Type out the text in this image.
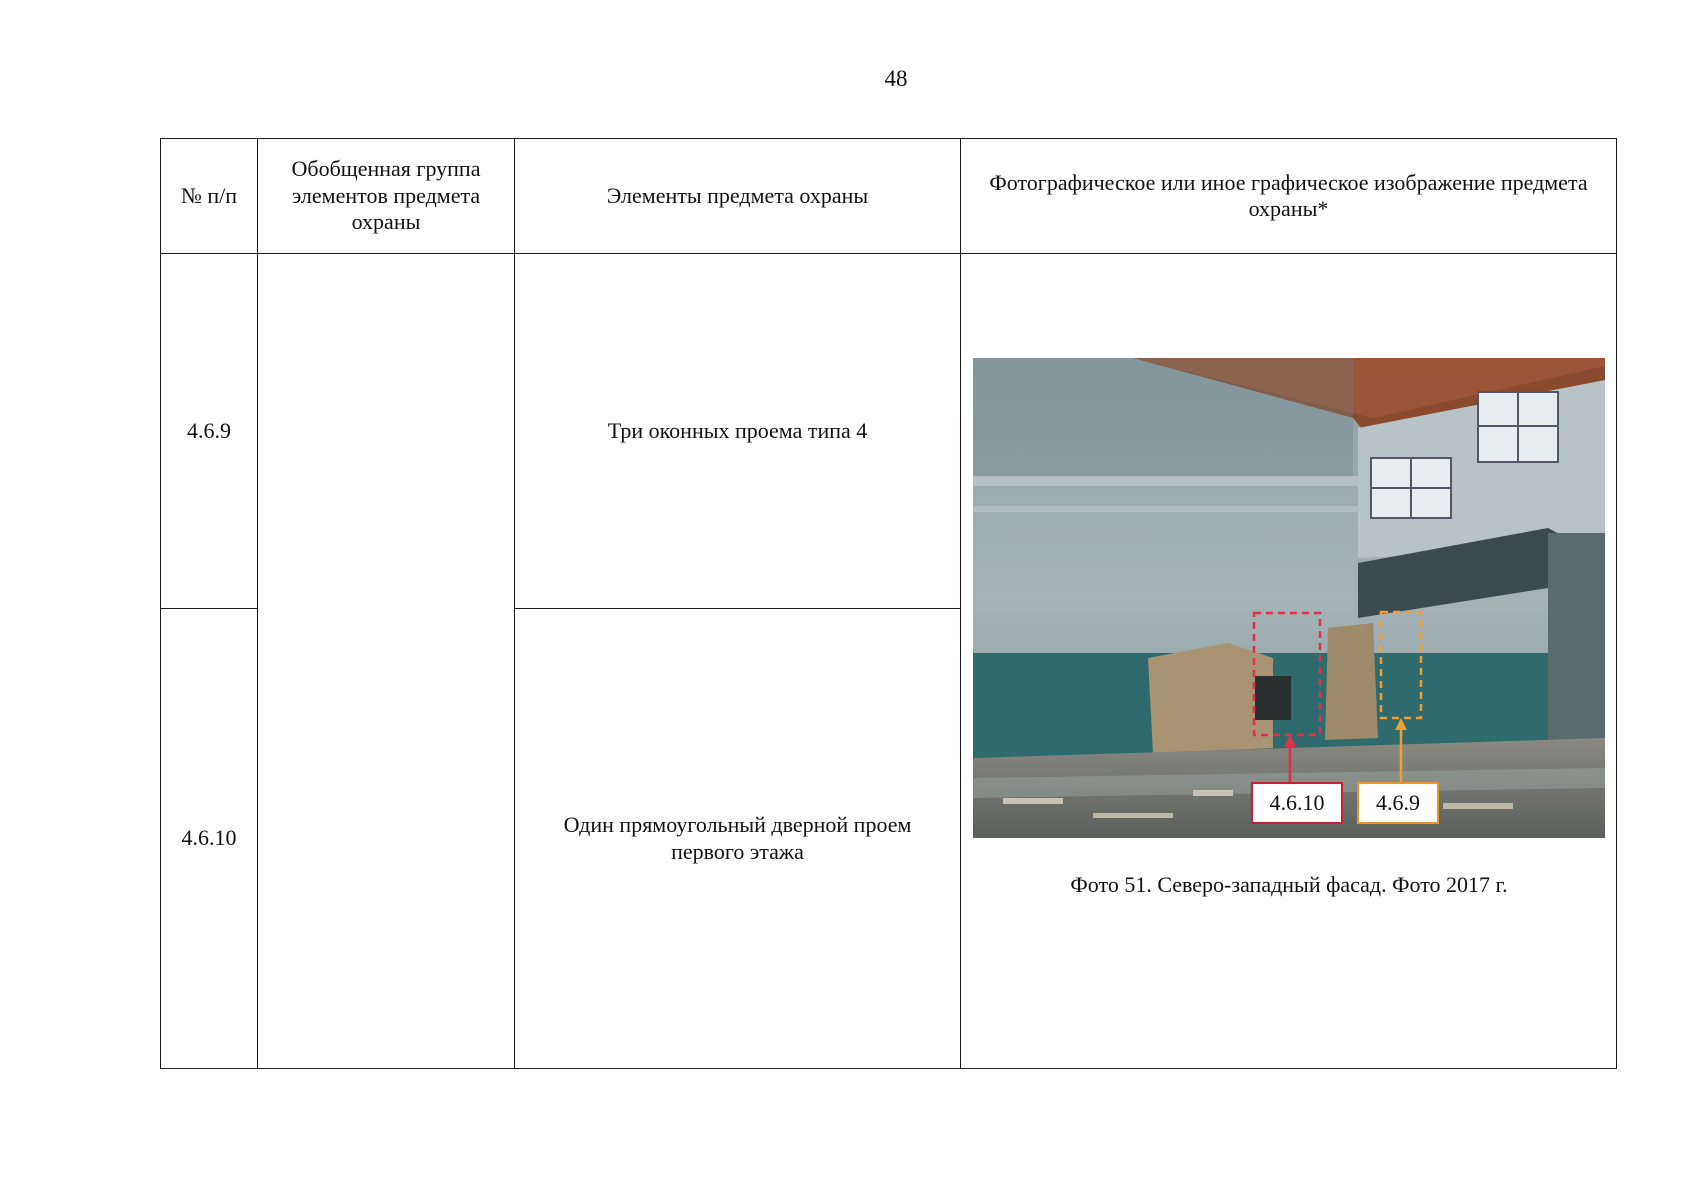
48
№ п/п	Обобщенная группа элементов предмета охраны	Элементы предмета охраны	Фотографическое или иное графическое изображение предмета охраны*
4.6.9		Три оконных проема типа 4	4.6.10 4.6.9
Фото 51. Северо-западный фасад. Фото 2017 г.

4.6.10		Один прямоугольный дверной проем первого этажа	
